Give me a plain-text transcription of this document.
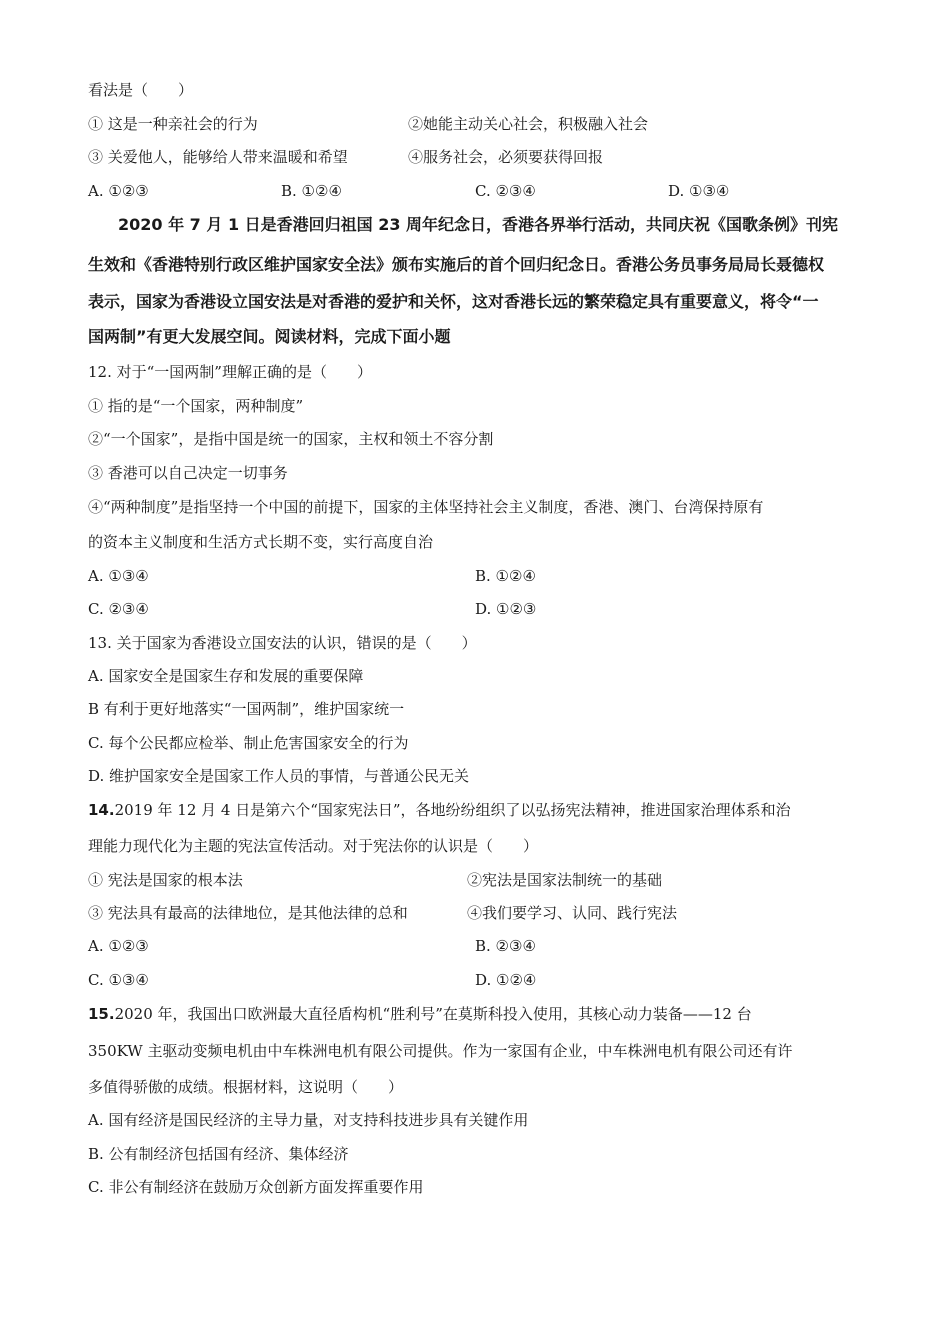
看法是（　　）
① 这是一种亲社会的行为	②她能主动关心社会，积极融入社会
③ 关爱他人，能够给人带来温暖和希望	④服务社会，必须要获得回报
A. ①②③	B. ①②④	C. ②③④	D. ①③④
2020 年 7 月 1 日是香港回归祖国 23 周年纪念日，香港各界举行活动，共同庆祝《国歌条例》刊宪
生效和《香港特别行政区维护国家安全法》颁布实施后的首个回归纪念日。香港公务员事务局局长聂德权
表示，国家为香港设立国安法是对香港的爱护和关怀，这对香港长远的繁荣稳定具有重要意义，将令“一
国两制”有更大发展空间。阅读材料，完成下面小题
12. 对于“一国两制”理解正确的是（　　）
① 指的是“一个国家，两种制度”
②“一个国家”，是指中国是统一的国家，主权和领土不容分割
③ 香港可以自己决定一切事务
④“两种制度”是指坚持一个中国的前提下，国家的主体坚持社会主义制度，香港、澳门、台湾保持原有
的资本主义制度和生活方式长期不变，实行高度自治
A. ①③④	B. ①②④
C. ②③④	D. ①②③
13. 关于国家为香港设立国安法的认识，错误的是（　　）
A. 国家安全是国家生存和发展的重要保障
B 有利于更好地落实“一国两制”，维护国家统一
C. 每个公民都应检举、制止危害国家安全的行为
D. 维护国家安全是国家工作人员的事情，与普通公民无关
14.2019 年 12 月 4 日是第六个“国家宪法日”，各地纷纷组织了以弘扬宪法精神，推进国家治理体系和治
理能力现代化为主题的宪法宣传活动。对于宪法你的认识是（　　）
① 宪法是国家的根本法	②宪法是国家法制统一的基础
③ 宪法具有最高的法律地位，是其他法律的总和	④我们要学习、认同、践行宪法
A. ①②③	B. ②③④
C. ①③④	D. ①②④
15.2020 年，我国出口欧洲最大直径盾构机“胜利号”在莫斯科投入使用，其核心动力装备——12 台
350KW 主驱动变频电机由中车株洲电机有限公司提供。作为一家国有企业，中车株洲电机有限公司还有许
多值得骄傲的成绩。根据材料，这说明（　　）
A. 国有经济是国民经济的主导力量，对支持科技进步具有关键作用
B. 公有制经济包括国有经济、集体经济
C. 非公有制经济在鼓励万众创新方面发挥重要作用
